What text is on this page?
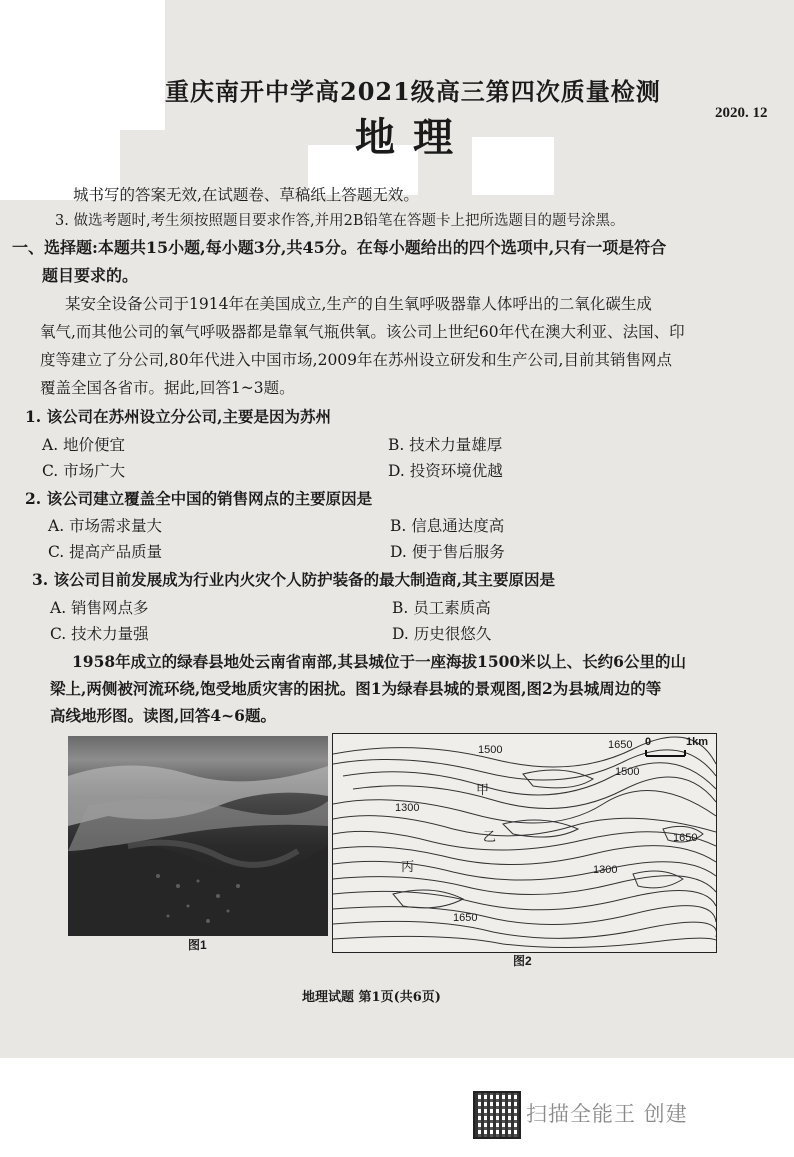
重庆南开中学高2021级高三第四次质量检测
2020. 12
地理
城书写的答案无效,在试题卷、草稿纸上答题无效。
3. 做选考题时,考生须按照题目要求作答,并用2B铅笔在答题卡上把所选题目的题号涂黑。
一、选择题:本题共15小题,每小题3分,共45分。在每小题给出的四个选项中,只有一项是符合
题目要求的。
某安全设备公司于1914年在美国成立,生产的自生氧呼吸器靠人体呼出的二氧化碳生成
氧气,而其他公司的氧气呼吸器都是靠氧气瓶供氧。该公司上世纪60年代在澳大利亚、法国、印
度等建立了分公司,80年代进入中国市场,2009年在苏州设立研发和生产公司,目前其销售网点
覆盖全国各省市。据此,回答1~3题。
1. 该公司在苏州设立分公司,主要是因为苏州
A. 地价便宜	B. 技术力量雄厚
C. 市场广大	D. 投资环境优越
2. 该公司建立覆盖全中国的销售网点的主要原因是
A. 市场需求量大	B. 信息通达度高
C. 提高产品质量	D. 便于售后服务
3. 该公司目前发展成为行业内火灾个人防护装备的最大制造商,其主要原因是
A. 销售网点多	B. 员工素质高
C. 技术力量强	D. 历史很悠久
1958年成立的绿春县地处云南省南部,其县城位于一座海拔1500米以上、长约6公里的山
梁上,两侧被河流环绕,饱受地质灾害的困扰。图1为绿春县城的景观图,图2为县城周边的等
高线地形图。读图,回答4~6题。
图1
1650
1500
1500
1300
1650
1300
1650
甲
乙
丙
0	1km
图2
地理试题 第1页(共6页)
扫描全能王 创建
